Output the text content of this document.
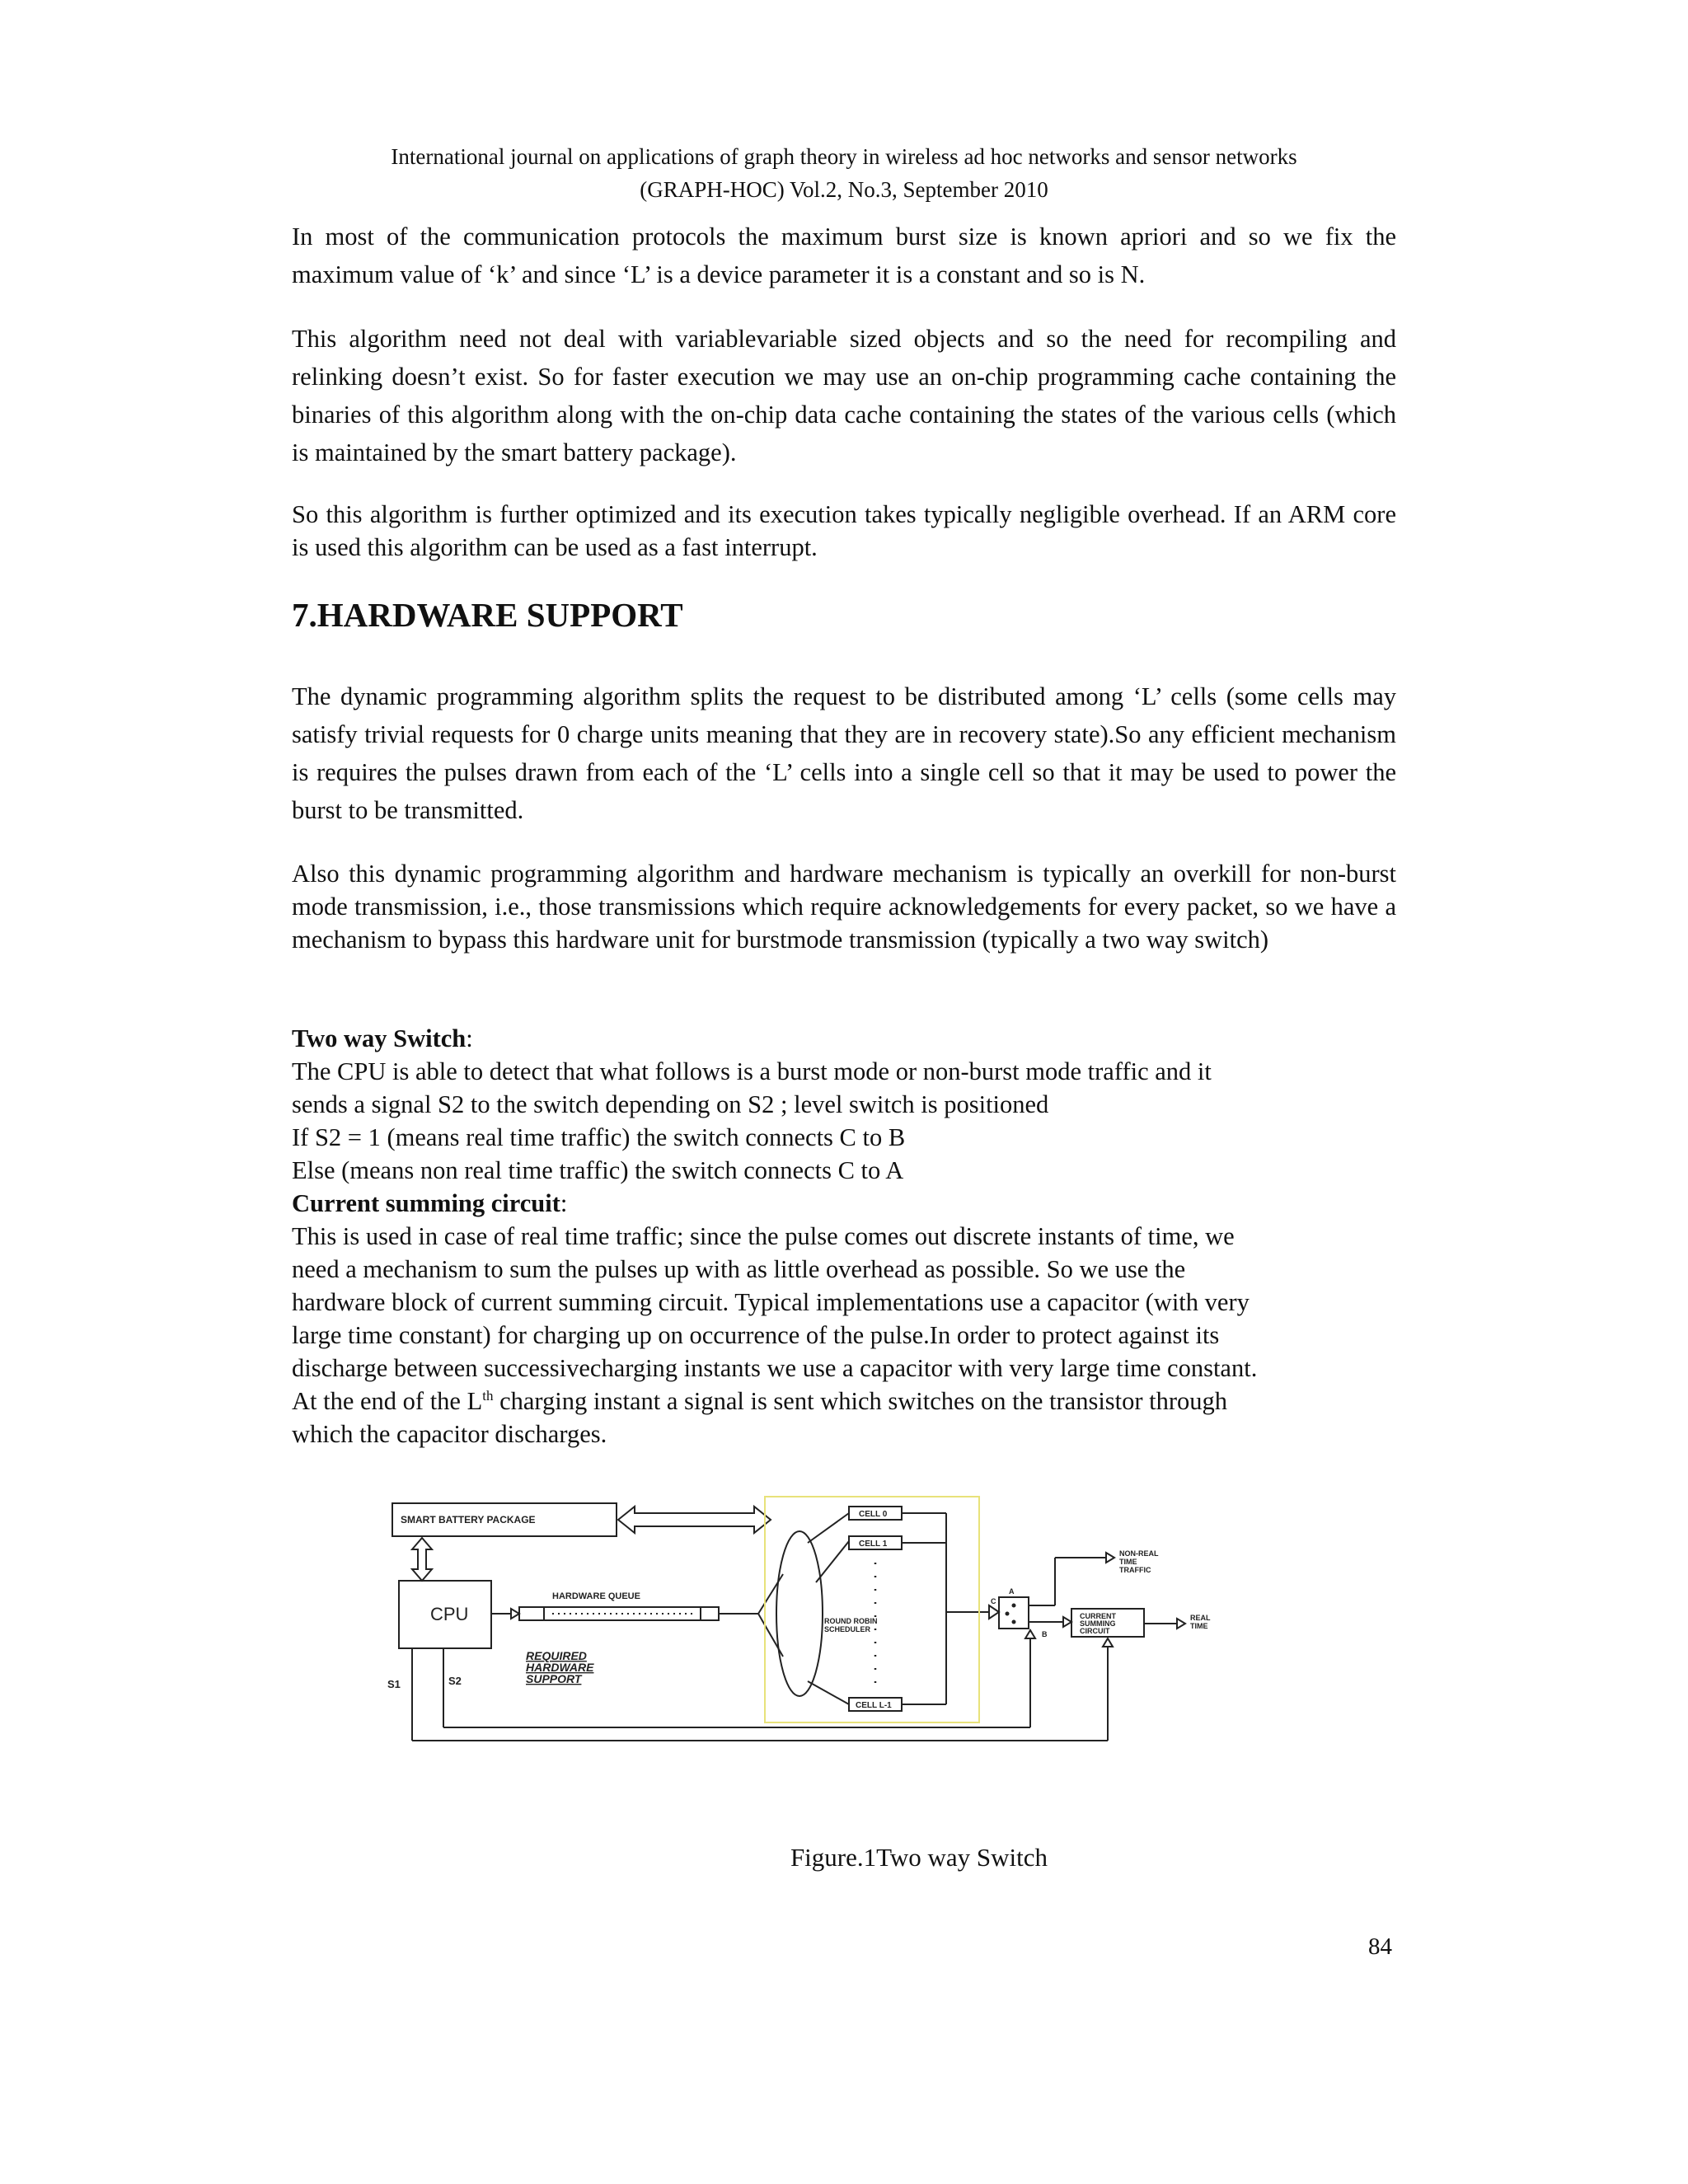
International journal on applications of graph theory in wireless ad hoc networks and sensor networks
(GRAPH-HOC) Vol.2, No.3, September 2010
In most of the communication protocols the maximum burst size is known apriori and so we fix the maximum value of ‘k’ and since ‘L’ is a device parameter it is a constant and so is N.
This algorithm need not deal with variablevariable sized objects and so the need for recompiling and relinking doesn’t exist. So for faster execution we may use an on-chip programming cache containing the binaries of this algorithm along with the on-chip data cache containing the states of the various cells (which is maintained by the smart battery package).
So this algorithm is further optimized and its execution takes typically negligible overhead. If an ARM core is used this algorithm can be used as a fast interrupt.
7.HARDWARE SUPPORT
The dynamic programming algorithm splits the request to be distributed among ‘L’ cells (some cells may satisfy trivial requests for 0 charge units meaning that they are in recovery state).So any efficient mechanism is requires the pulses drawn from each of the ‘L’ cells into a single cell so that it may be used to power the burst to be transmitted.
Also this dynamic programming algorithm and hardware mechanism is typically an overkill for non-burst mode transmission, i.e., those transmissions which require acknowledgements for every packet, so we have a mechanism to bypass this hardware unit for burstmode transmission (typically a two way switch)
Two way Switch:
The CPU is able to detect that what follows is a burst mode or non-burst mode traffic and it
sends a signal S2 to the switch depending on S2 ; level switch is positioned
If S2 = 1 (means real time traffic) the switch connects C to B
Else (means non real time traffic) the switch connects C to A
Current summing circuit:
This is used in case of real time traffic; since the pulse comes out discrete instants of time, we
need a mechanism to sum the pulses up with as little overhead as possible. So we use the
hardware block of current summing circuit. Typical implementations use a capacitor (with very
large time constant) for charging up on occurrence of the pulse.In order to protect against its
discharge between successivecharging instants we use a capacitor with very large time constant.
At the end of the Lth charging instant a signal is sent which switches on the transistor through
which the capacitor discharges.
SMART BATTERY PACKAGE
CPU
HARDWARE QUEUE
REQUIRED
HARDWARE
SUPPORT
S1	S2
CELL 0
CELL 1
CELL L-1
ROUND ROBIN
SCHEDULER
C
A
B
NON-REAL
TIME
TRAFFIC
CURRENT
SUMMING
CIRCUIT
REAL
TIME
Figure.1Two way Switch
84
